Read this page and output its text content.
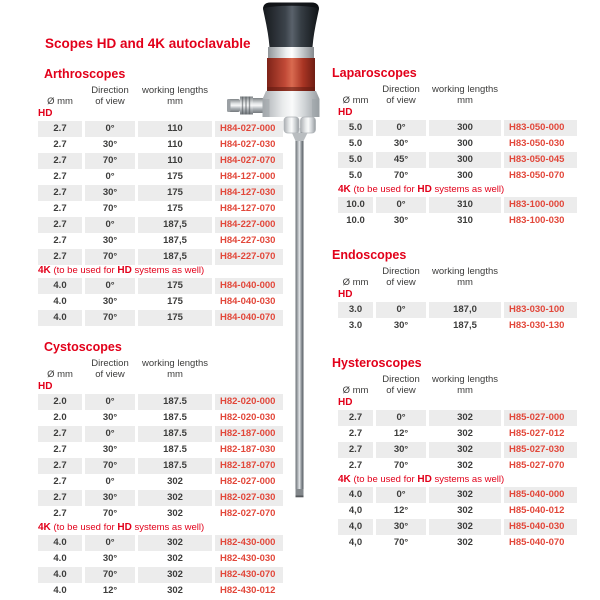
Scopes HD and 4K autoclavable
Arthroscopes
Ø mm
Direction
of view
working lengths
mm
HD
2.7	0°	110	H84-027-000
2.7	30°	110	H84-027-030
2.7	70°	110	H84-027-070
2.7	0°	175	H84-127-000
2.7	30°	175	H84-127-030
2.7	70°	175	H84-127-070
2.7	0°	187,5	H84-227-000
2.7	30°	187,5	H84-227-030
2.7	70°	187,5	H84-227-070
4K (to be used for HD systems as well)
4.0	0°	175	H84-040-000
4.0	30°	175	H84-040-030
4.0	70°	175	H84-040-070
Cystoscopes
Ø mm
Direction
of view
working lengths
mm
HD
2.0	0°	187.5	H82-020-000
2.0	30°	187.5	H82-020-030
2.7	0°	187.5	H82-187-000
2.7	30°	187.5	H82-187-030
2.7	70°	187.5	H82-187-070
2.7	0°	302	H82-027-000
2.7	30°	302	H82-027-030
2.7	70°	302	H82-027-070
4K (to be used for HD systems as well)
4.0	0°	302	H82-430-000
4.0	30°	302	H82-430-030
4.0	70°	302	H82-430-070
4.0	12°	302	H82-430-012
Laparoscopes
Ø mm
Direction
of view
working lengths
mm
HD
5.0	0°	300	H83-050-000
5.0	30°	300	H83-050-030
5.0	45°	300	H83-050-045
5.0	70°	300	H83-050-070
4K (to be used for HD systems as well)
10.0	0°	310	H83-100-000
10.0	30°	310	H83-100-030
Endoscopes
Ø mm
Direction
of view
working lengths
mm
HD
3.0	0°	187,0	H83-030-100
3.0	30°	187,5	H83-030-130
Hysteroscopes
Ø mm
Direction
of view
working lengths
mm
HD
2.7	0°	302	H85-027-000
2.7	12°	302	H85-027-012
2.7	30°	302	H85-027-030
2.7	70°	302	H85-027-070
4K (to be used for HD systems as well)
4.0	0°	302	H85-040-000
4,0	12°	302	H85-040-012
4,0	30°	302	H85-040-030
4,0	70°	302	H85-040-070
